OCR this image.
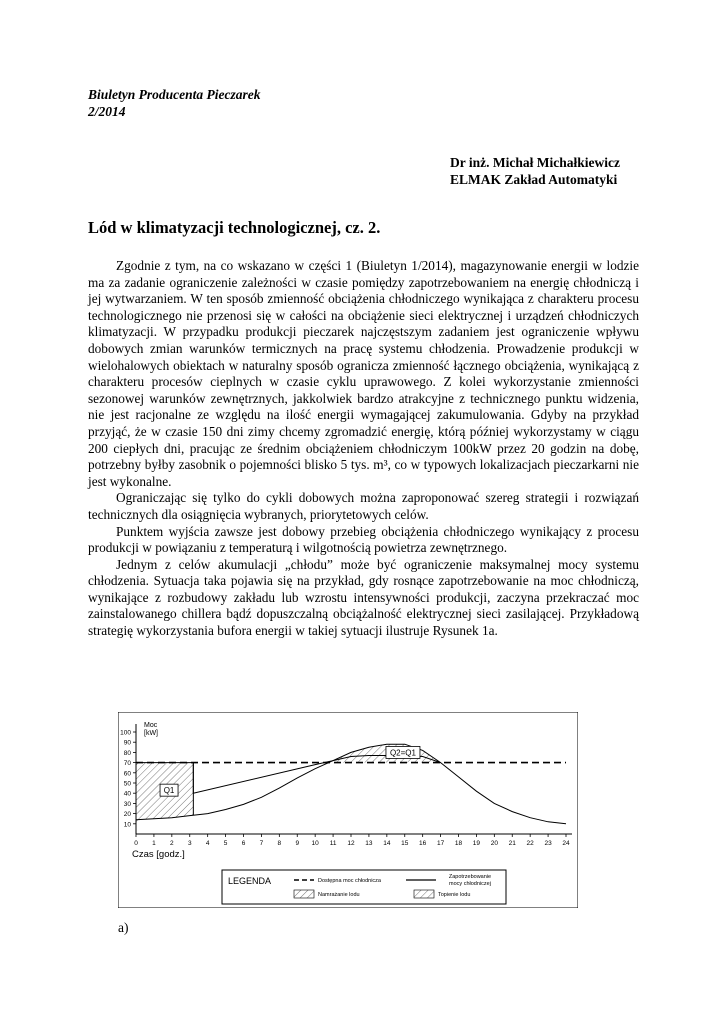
Biuletyn Producenta Pieczarek
2/2014
Dr inż. Michał Michałkiewicz
ELMAK Zakład Automatyki
Lód w klimatyzacji technologicznej, cz. 2.

Zgodnie z tym, na co wskazano w części 1 (Biuletyn 1/2014), magazynowanie energii w lodzie ma za zadanie ograniczenie zależności w czasie pomiędzy zapotrzebowaniem na energię chłodniczą i jej wytwarzaniem. W ten sposób zmienność obciążenia chłodniczego wynikająca z charakteru procesu technologicznego nie przenosi się w całości na obciążenie sieci elektrycznej i urządzeń chłodniczych klimatyzacji. W przypadku produkcji pieczarek najczęstszym zadaniem jest ograniczenie wpływu dobowych zmian warunków termicznych na pracę systemu chłodzenia. Prowadzenie produkcji w wielohalowych obiektach w naturalny sposób ogranicza zmienność łącznego obciążenia, wynikającą z charakteru procesów cieplnych w czasie cyklu uprawowego. Z kolei wykorzystanie zmienności sezonowej warunków zewnętrznych, jakkolwiek bardzo atrakcyjne z technicznego punktu widzenia, nie jest racjonalne ze względu na ilość energii wymagającej zakumulowania. Gdyby na przykład przyjąć, że w czasie 150 dni zimy chcemy zgromadzić energię, którą później wykorzystamy w ciągu 200 ciepłych dni, pracując ze średnim obciążeniem chłodniczym 100kW przez 20 godzin na dobę, potrzebny byłby zasobnik o pojemności blisko 5 tys. m³, co w typowych lokalizacjach pieczarkarni nie jest wykonalne.

Ograniczając się tylko do cykli dobowych można zaproponować szereg strategii i rozwiązań technicznych dla osiągnięcia wybranych, priorytetowych celów.

Punktem wyjścia zawsze jest dobowy przebieg obciążenia chłodniczego wynikający z procesu produkcji w powiązaniu z temperaturą i wilgotnością powietrza zewnętrznego.

Jednym z celów akumulacji „chłodu” może być ograniczenie maksymalnej mocy systemu chłodzenia. Sytuacja taka pojawia się na przykład, gdy rosnące zapotrzebowanie na moc chłodniczą, wynikające z rozbudowy zakładu lub wzrostu intensywności produkcji, zaczyna przekraczać moc zainstalowanego chillera bądź dopuszczalną obciążalność elektrycznej sieci zasilającej. Przykładową strategię wykorzystania bufora energii w takiej sytuacji ilustruje Rysunek 1a.

10
20
30
40
50
60
70
80
90
100
0 1 2 3 4 5 6 7 8 9 10 11 12 13 14 15 16 17 18 19 20 21 22 23 24
Moc
[kW]
Czas [godz.]
Q1
Q2=Q1
LEGENDA	Dostępna moc chłodnicza
Zapotrzebowanie
mocy chłodniczej
Namrażanie lodu	Topienie lodu
a)
